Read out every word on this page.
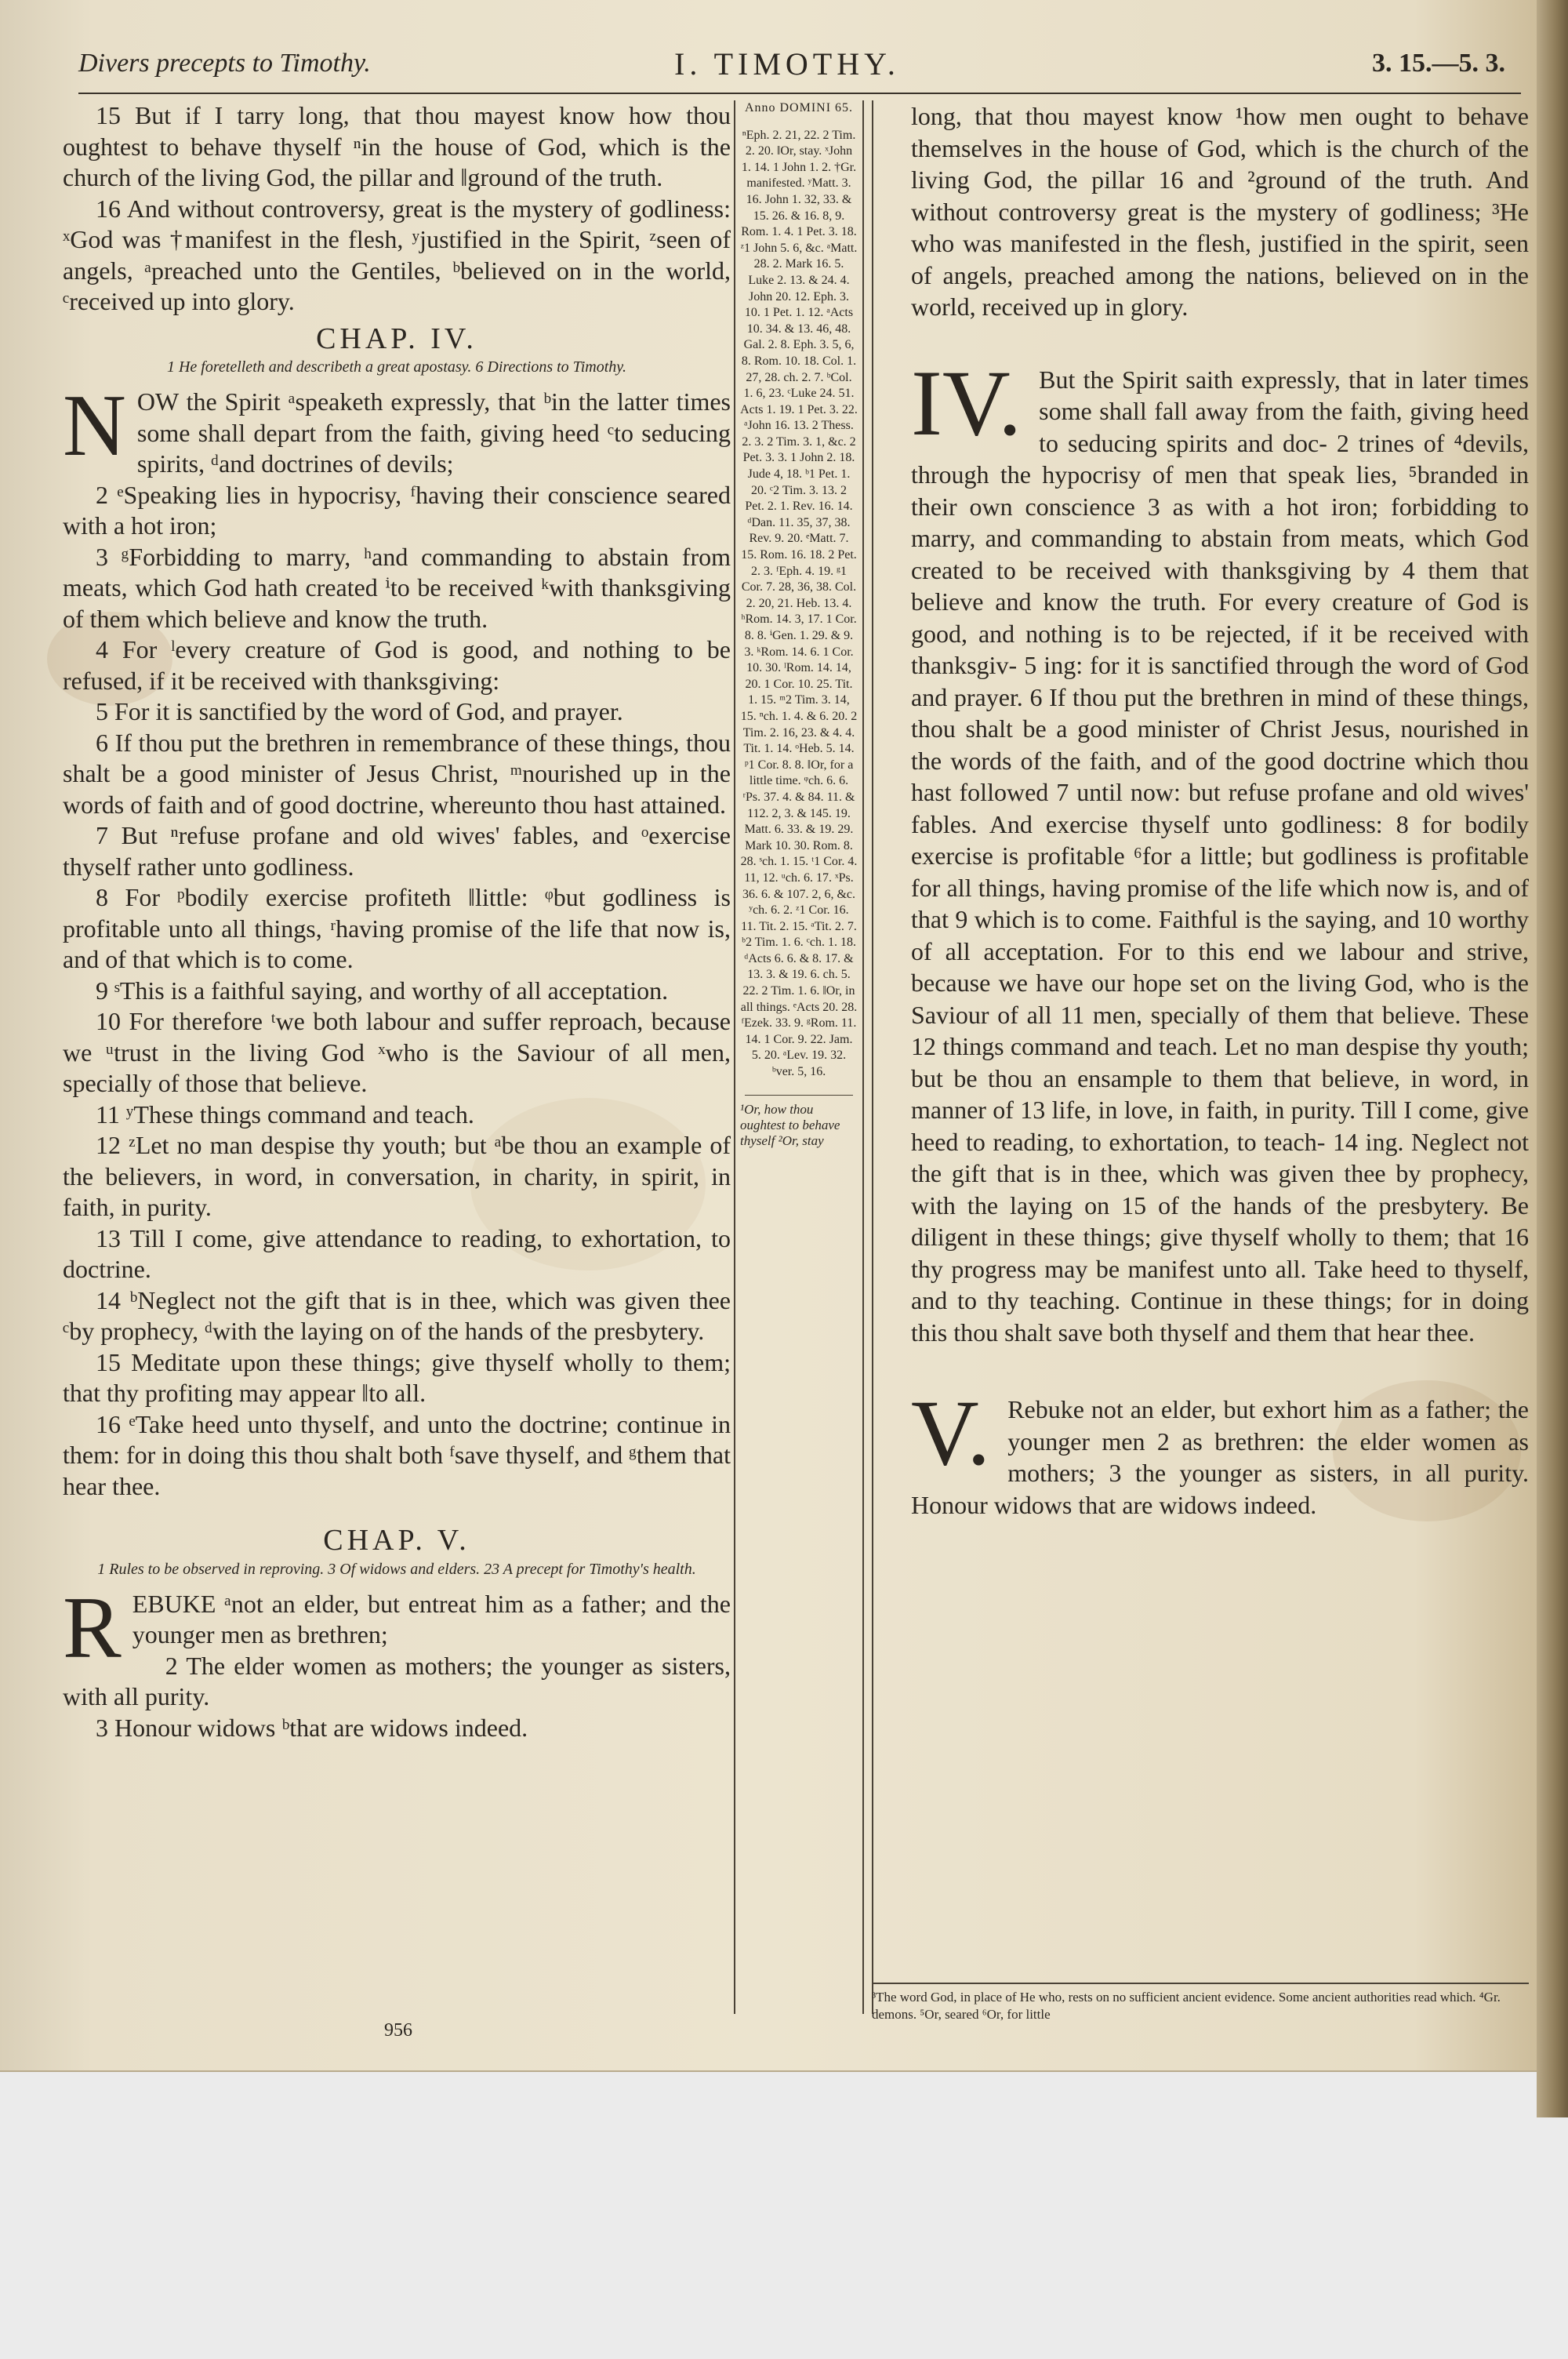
Divers precepts to Timothy.	I. TIMOTHY.	3. 15.—5. 3.

15 But if I tarry long, that thou mayest know how thou oughtest to behave thyself ⁿin the house of God, which is the church of the living God, the pillar and ‖ground of the truth.

16 And without controversy, great is the mystery of godliness: ˣGod was †manifest in the flesh, ʸjustified in the Spirit, ᶻseen of angels, ᵃpreached unto the Gentiles, ᵇbelieved on in the world, ᶜreceived up into glory.

CHAP. IV.
1 He foretelleth and describeth a great apostasy. 6 Directions to Timothy.

NOW the Spirit ᵃspeaketh expressly, that ᵇin the latter times some shall depart from the faith, giving heed ᶜto seducing spirits, ᵈand doctrines of devils;

2 ᵉSpeaking lies in hypocrisy, ᶠhaving their conscience seared with a hot iron;

3 ᵍForbidding to marry, ʰand commanding to abstain from meats, which God hath created ⁱto be received ᵏwith thanksgiving of them which believe and know the truth.

4 For ˡevery creature of God is good, and nothing to be refused, if it be received with thanksgiving:

5 For it is sanctified by the word of God, and prayer.

6 If thou put the brethren in remembrance of these things, thou shalt be a good minister of Jesus Christ, ᵐnourished up in the words of faith and of good doctrine, whereunto thou hast attained.

7 But ⁿrefuse profane and old wives' fables, and ᵒexercise thyself rather unto godliness.

8 For ᵖbodily exercise profiteth ‖little: ᵠbut godliness is profitable unto all things, ʳhaving promise of the life that now is, and of that which is to come.

9 ˢThis is a faithful saying, and worthy of all acceptation.

10 For therefore ᵗwe both labour and suffer reproach, because we ᵘtrust in the living God ˣwho is the Saviour of all men, specially of those that believe.

11 ʸThese things command and teach.

12 ᶻLet no man despise thy youth; but ᵃbe thou an example of the believers, in word, in conversation, in charity, in spirit, in faith, in purity.

13 Till I come, give attendance to reading, to exhortation, to doctrine.

14 ᵇNeglect not the gift that is in thee, which was given thee ᶜby prophecy, ᵈwith the laying on of the hands of the presbytery.

15 Meditate upon these things; give thyself wholly to them; that thy profiting may appear ‖to all.

16 ᵉTake heed unto thyself, and unto the doctrine; continue in them: for in doing this thou shalt both ᶠsave thyself, and ᵍthem that hear thee.

CHAP. V.
1 Rules to be observed in reproving. 3 Of widows and elders. 23 A precept for Timothy's health.

REBUKE ᵃnot an elder, but entreat him as a father; and the younger men as brethren;

2 The elder women as mothers; the younger as sisters, with all purity.

3 Honour widows ᵇthat are widows indeed.

956
Anno DOMINI 65.
ⁿEph. 2. 21, 22. 2 Tim. 2. 20. ‖Or, stay. ˣJohn 1. 14. 1 John 1. 2. †Gr. manifested. ʸMatt. 3. 16. John 1. 32, 33. & 15. 26. & 16. 8, 9. Rom. 1. 4. 1 Pet. 3. 18. ᶻ1 John 5. 6, &c. ᵃMatt. 28. 2. Mark 16. 5. Luke 2. 13. & 24. 4. John 20. 12. Eph. 3. 10. 1 Pet. 1. 12. ᵃActs 10. 34. & 13. 46, 48. Gal. 2. 8. Eph. 3. 5, 6, 8. Rom. 10. 18. Col. 1. 27, 28. ch. 2. 7. ᵇCol. 1. 6, 23. ᶜLuke 24. 51. Acts 1. 19. 1 Pet. 3. 22. ᵃJohn 16. 13. 2 Thess. 2. 3. 2 Tim. 3. 1, &c. 2 Pet. 3. 3. 1 John 2. 18. Jude 4, 18. ᵇ1 Pet. 1. 20. ᶜ2 Tim. 3. 13. 2 Pet. 2. 1. Rev. 16. 14. ᵈDan. 11. 35, 37, 38. Rev. 9. 20. ᵉMatt. 7. 15. Rom. 16. 18. 2 Pet. 2. 3. ᶠEph. 4. 19. ᵍ1 Cor. 7. 28, 36, 38. Col. 2. 20, 21. Heb. 13. 4. ʰRom. 14. 3, 17. 1 Cor. 8. 8. ⁱGen. 1. 29. & 9. 3. ᵏRom. 14. 6. 1 Cor. 10. 30. ˡRom. 14. 14, 20. 1 Cor. 10. 25. Tit. 1. 15. ᵐ2 Tim. 3. 14, 15. ⁿch. 1. 4. & 6. 20. 2 Tim. 2. 16, 23. & 4. 4. Tit. 1. 14. ᵒHeb. 5. 14. ᵖ1 Cor. 8. 8. ‖Or, for a little time. ᵠch. 6. 6. ʳPs. 37. 4. & 84. 11. & 112. 2, 3. & 145. 19. Matt. 6. 33. & 19. 29. Mark 10. 30. Rom. 8. 28. ˢch. 1. 15. ᵗ1 Cor. 4. 11, 12. ᵘch. 6. 17. ˣPs. 36. 6. & 107. 2, 6, &c. ʸch. 6. 2. ᶻ1 Cor. 16. 11. Tit. 2. 15. ᵃTit. 2. 7. ᵇ2 Tim. 1. 6. ᶜch. 1. 18. ᵈActs 6. 6. & 8. 17. & 13. 3. & 19. 6. ch. 5. 22. 2 Tim. 1. 6. ‖Or, in all things. ᵉActs 20. 28. ᶠEzek. 33. 9. ᵍRom. 11. 14. 1 Cor. 9. 22. Jam. 5. 20. ᵃLev. 19. 32. ᵇver. 5, 16.
¹Or, how thou oughtest to behave thyself ²Or, stay

long, that thou mayest know ¹how men ought to behave themselves in the house of God, which is the church of the living God, the pillar 16 and ²ground of the truth. And without controversy great is the mystery of godliness; ³He who was manifested in the flesh, justified in the spirit, seen of angels, preached among the nations, believed on in the world, received up in glory.

IV. But the Spirit saith expressly, that in later times some shall fall away from the faith, giving heed to seducing spirits and doc- 2 trines of ⁴devils, through the hypocrisy of men that speak lies, ⁵branded in their own conscience 3 as with a hot iron; forbidding to marry, and commanding to abstain from meats, which God created to be received with thanksgiving by 4 them that believe and know the truth. For every creature of God is good, and nothing is to be rejected, if it be received with thanksgiv- 5 ing: for it is sanctified through the word of God and prayer. 6 If thou put the brethren in mind of these things, thou shalt be a good minister of Christ Jesus, nourished in the words of the faith, and of the good doctrine which thou hast followed 7 until now: but refuse profane and old wives' fables. And exercise thyself unto godliness: 8 for bodily exercise is profitable ⁶for a little; but godliness is profitable for all things, having promise of the life which now is, and of that 9 which is to come. Faithful is the saying, and 10 worthy of all acceptation. For to this end we labour and strive, because we have our hope set on the living God, who is the Saviour of all 11 men, specially of them that believe. These 12 things command and teach. Let no man despise thy youth; but be thou an ensample to them that believe, in word, in manner of 13 life, in love, in faith, in purity. Till I come, give heed to reading, to exhortation, to teach- 14 ing. Neglect not the gift that is in thee, which was given thee by prophecy, with the laying on 15 of the hands of the presbytery. Be diligent in these things; give thyself wholly to them; that 16 thy progress may be manifest unto all. Take heed to thyself, and to thy teaching. Continue in these things; for in doing this thou shalt save both thyself and them that hear thee.

V. Rebuke not an elder, but exhort him as a father; the younger men 2 as brethren: the elder women as mothers; 3 the younger as sisters, in all purity. Honour widows that are widows indeed.

³The word God, in place of He who, rests on no sufficient ancient evidence. Some ancient authorities read which. ⁴Gr. demons. ⁵Or, seared ⁶Or, for little
